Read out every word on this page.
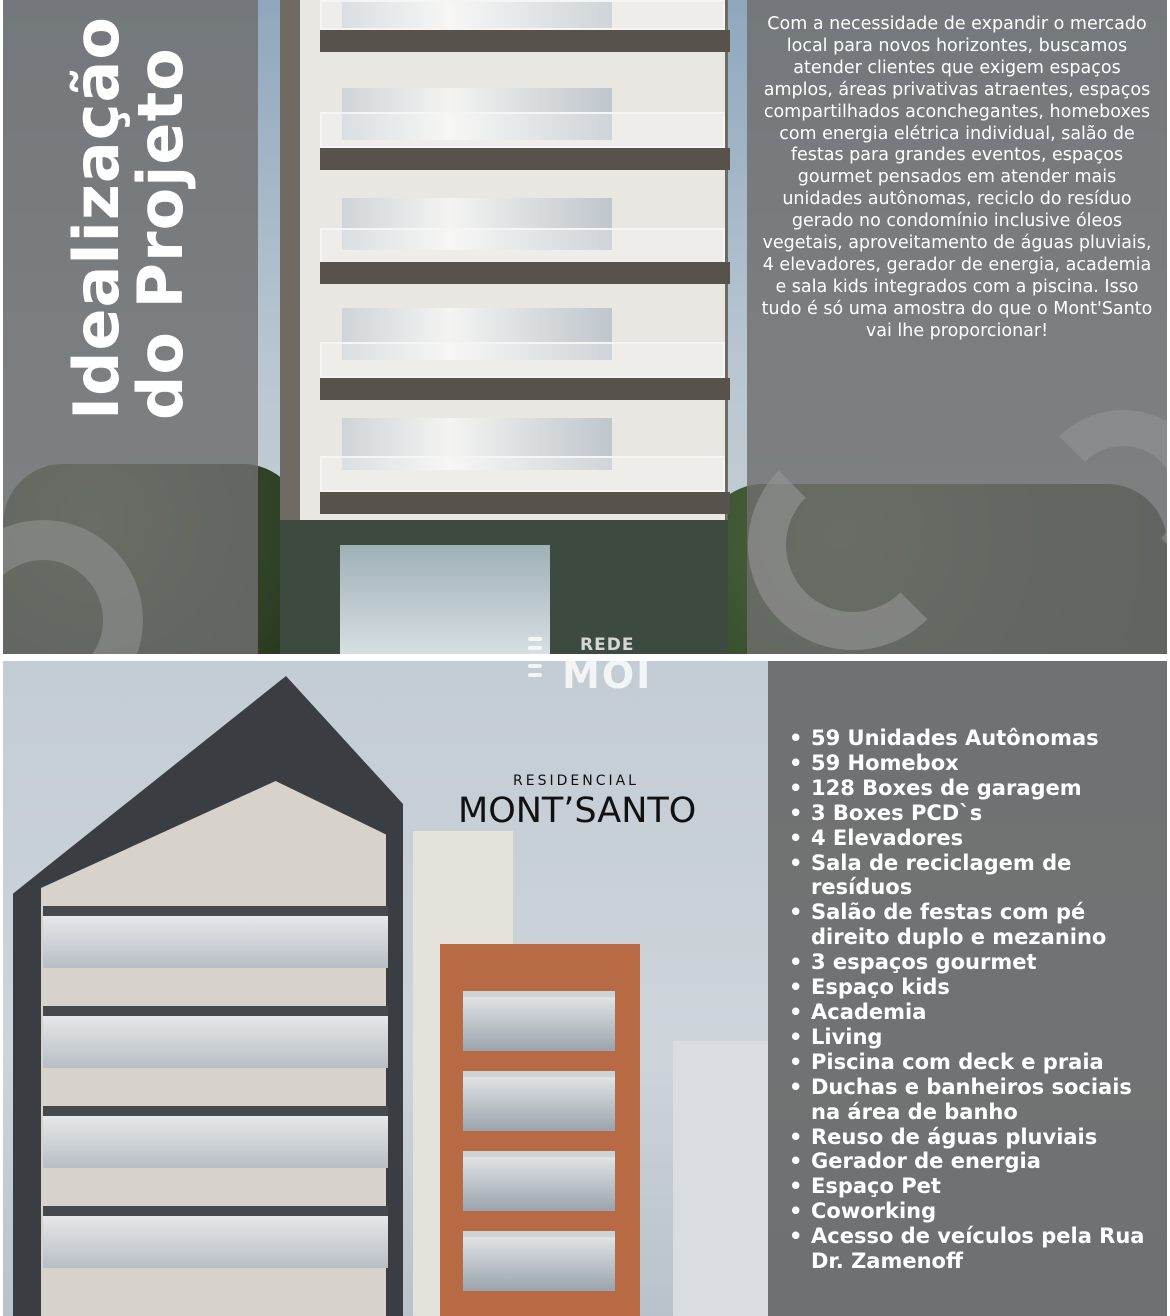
Idealização
do Projeto

Com a necessidade de expandir o mercado local para novos horizontes, buscamos atender clientes que exigem espaços amplos, áreas privativas atraentes, espaços compartilhados aconchegantes, homeboxes com energia elétrica individual, salão de festas para grandes eventos, espaços gourmet pensados em atender mais unidades autônomas, reciclo do resíduo gerado no condomínio inclusive óleos vegetais, aproveitamento de águas pluviais, 4 elevadores, gerador de energia, academia e sala kids integrados com a piscina. Isso tudo é só uma amostra do que o Mont'Santo vai lhe proporcionar!

REDE
MOI
RESIDENCIAL
MONT’SANTO
• 59 Unidades Autônomas
• 59 Homebox
• 128 Boxes de garagem
• 3 Boxes PCD`s
• 4 Elevadores
• Sala de reciclagem de resíduos
• Salão de festas com pé direito duplo e mezanino
• 3 espaços gourmet
• Espaço kids
• Academia
• Living
• Piscina com deck e praia
• Duchas e banheiros sociais na área de banho
• Reuso de águas pluviais
• Gerador de energia
• Espaço Pet
• Coworking
• Acesso de veículos pela Rua Dr. Zamenoff
